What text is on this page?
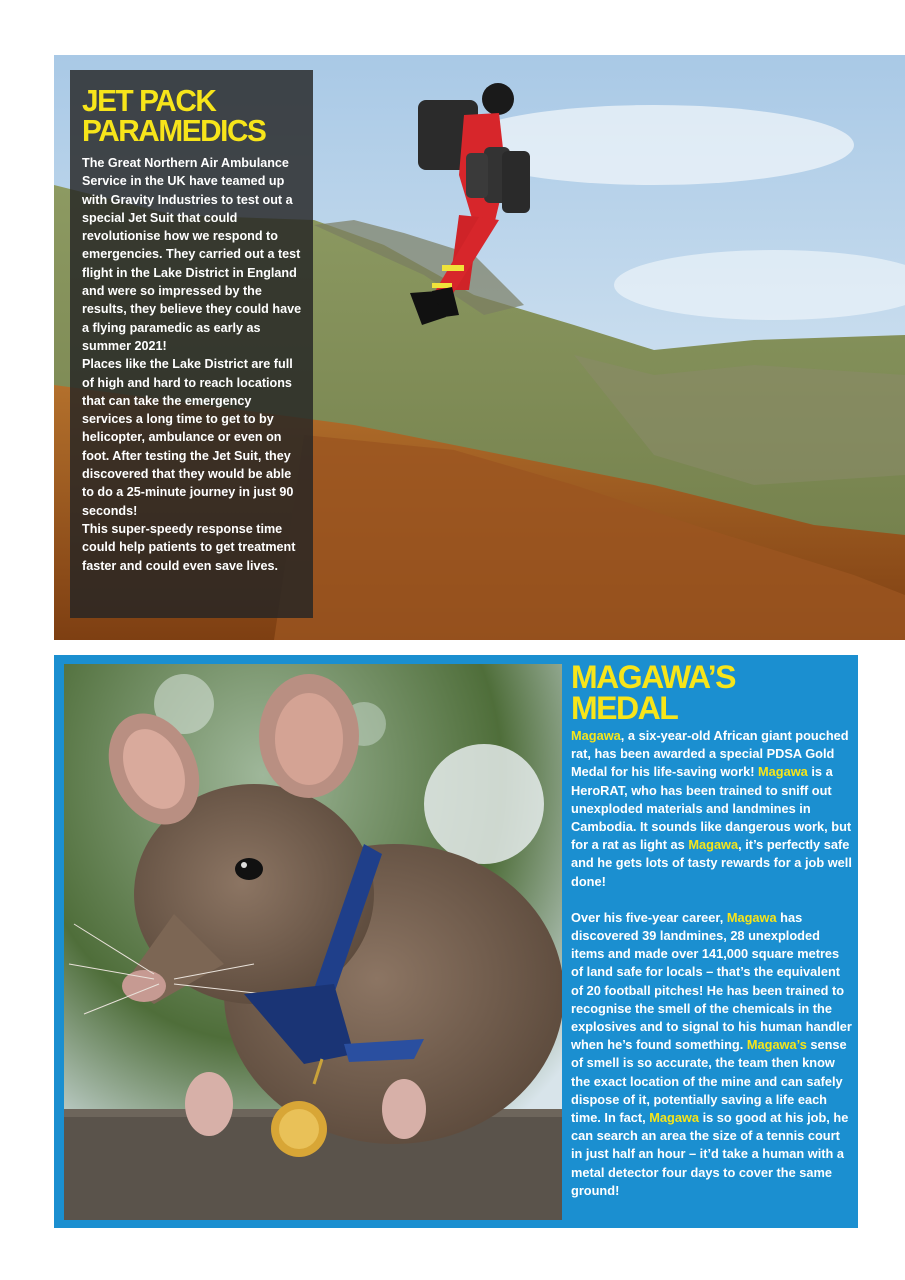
JET PACK
PARAMEDICS

The Great Northern Air Ambulance Service in the UK have teamed up with Gravity Industries to test out a special Jet Suit that could revolutionise how we respond to emergencies. They carried out a test flight in the Lake District in England and were so impressed by the results, they believe they could have a flying paramedic as early as summer 2021!

Places like the Lake District are full of high and hard to reach locations that can take the emergency services a long time to get to by helicopter, ambulance or even on foot. After testing the Jet Suit, they discovered that they would be able to do a 25-minute journey in just 90 seconds!

This super-speedy response time could help patients to get treatment faster and could even save lives.

MAGAWA’S
MEDAL

Magawa, a six-year-old African giant pouched rat, has been awarded a special PDSA Gold Medal for his life-saving work! Magawa is a HeroRAT, who has been trained to sniff out unexploded materials and landmines in Cambodia. It sounds like dangerous work, but for a rat as light as Magawa, it’s perfectly safe and he gets lots of tasty rewards for a job well done!

Over his five-year career, Magawa has discovered 39 landmines, 28 unexploded items and made over 141,000 square metres of land safe for locals – that’s the equivalent of 20 football pitches! He has been trained to recognise the smell of the chemicals in the explosives and to signal to his human handler when he’s found something. Magawa’s sense of smell is so accurate, the team then know the exact location of the mine and can safely dispose of it, potentially saving a life each time. In fact, Magawa is so good at his job, he can search an area the size of a tennis court in just half an hour – it’d take a human with a metal detector four days to cover the same ground!
